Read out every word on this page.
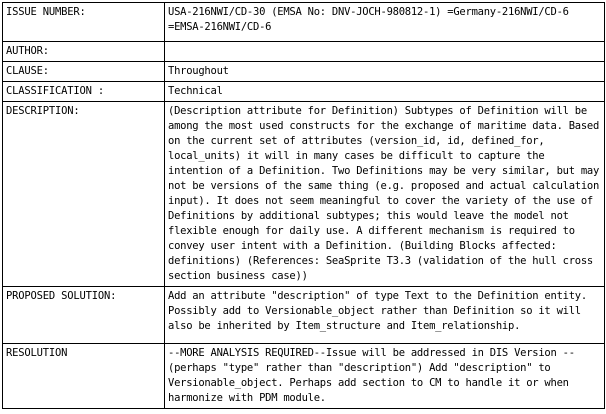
ISSUE NUMBER:	USA-216NWI/CD-30 (EMSA No: DNV-JOCH-980812-1) =Germany-216NWI/CD-6 =EMSA-216NWI/CD-6
AUTHOR:	
CLAUSE:	Throughout
CLASSIFICATION :	Technical
DESCRIPTION:	(Description attribute for Definition) Subtypes of Definition will be among the most used constructs for the exchange of maritime data. Based on the current set of attributes (version_id, id, defined_for, local_units) it will in many cases be difficult to capture the intention of a Definition. Two Definitions may be very similar, but may not be versions of the same thing (e.g. proposed and actual calculation input). It does not seem meaningful to cover the variety of the use of Definitions by additional subtypes; this would leave the model not flexible enough for daily use. A different mechanism is required to convey user intent with a Definition. (Building Blocks affected: definitions) (References: SeaSprite T3.3 (validation of the hull cross section business case))
PROPOSED SOLUTION:	Add an attribute "description" of type Text to the Definition entity. Possibly add to Versionable_object rather than Definition so it will also be inherited by Item_structure and Item_relationship.
RESOLUTION	--MORE ANALYSIS REQUIRED--Issue will be addressed in DIS Version -- (perhaps "type" rather than "description") Add "description" to Versionable_object. Perhaps add section to CM to handle it or when harmonize with PDM module.
